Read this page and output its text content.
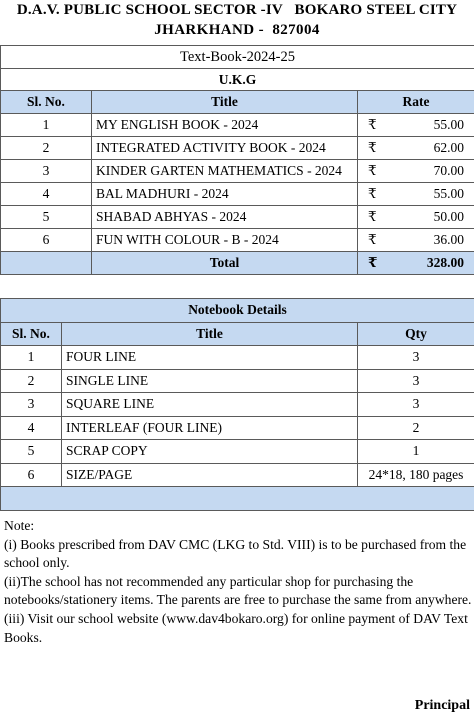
D.A.V. PUBLIC SCHOOL SECTOR -IV   BOKARO STEEL CITY
JHARKHAND -  827004
Text-Book-2024-25		
U.K.G		
Sl. No.	Title	Rate
1	MY ENGLISH BOOK - 2024	₹ 55.00

2	INTEGRATED ACTIVITY BOOK - 2024	₹ 62.00

3	KINDER GARTEN MATHEMATICS - 2024	₹ 70.00

4	BAL MADHURI - 2024	₹ 55.00

5	SHABAD ABHYAS - 2024	₹ 50.00

6	FUN WITH COLOUR - B - 2024	₹ 36.00

	Total	₹ 328.00
Notebook Details		
Sl. No.	Title	Qty
1	FOUR LINE	3
2	SINGLE LINE	3
3	SQUARE LINE	3
4	INTERLEAF (FOUR LINE)	2
5	SCRAP COPY	1
6	SIZE/PAGE	24*18, 180 pages

Note:
(i) Books prescribed from DAV CMC (LKG to Std. VIII) is to be purchased from the school only.
(ii)The school has not recommended any particular shop for purchasing the notebooks/stationery items. The parents are free to purchase the same from anywhere.
(iii) Visit our school website (www.dav4bokaro.org) for online payment of DAV Text Books.
Principal
